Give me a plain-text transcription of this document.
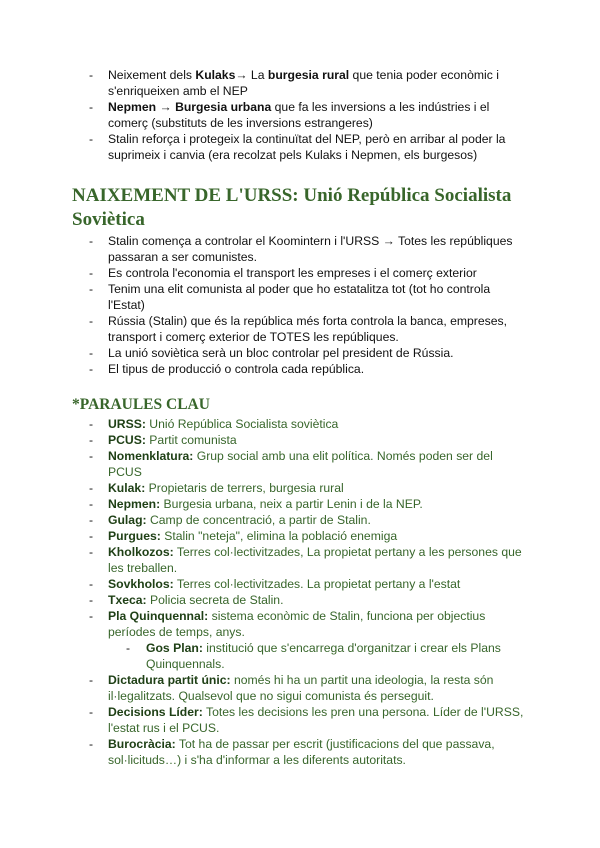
- Neixement dels Kulaks→ La burgesia rural que tenia poder econòmic i s'enriqueixen amb el NEP
- Nepmen → Burgesia urbana que fa les inversions a les indústries i el comerç (substituts de les inversions estrangeres)
- Stalin reforça i protegeix la continuïtat del NEP, però en arribar al poder la suprimeix i canvia (era recolzat pels Kulaks i Nepmen, els burgesos)
NAIXEMENT DE L'URSS: Unió República Socialista Soviètica
- Stalin comença a controlar el Koomintern i l'URSS → Totes les repúbliques passaran a ser comunistes.
- Es controla l'economia el transport les empreses i el comerç exterior
- Tenim una elit comunista al poder que ho estatalitza tot (tot ho controla l'Estat)
- Rússia (Stalin) que és la república més forta controla la banca, empreses, transport i comerç exterior de TOTES les repúbliques.
- La unió soviètica serà un bloc controlar pel president de Rússia.
- El tipus de producció o controla cada república.
*PARAULES CLAU
- URSS: Unió República Socialista soviètica
- PCUS: Partit comunista
- Nomenklatura: Grup social amb una elit política. Només poden ser del PCUS
- Kulak: Propietaris de terrers, burgesia rural
- Nepmen: Burgesia urbana, neix a partir Lenin i de la NEP.
- Gulag: Camp de concentració, a partir de Stalin.
- Purgues: Stalin "neteja", elimina la població enemiga
- Kholkozos: Terres col·lectivitzades, La propietat pertany a les persones que les treballen.
- Sovkholos: Terres col·lectivitzades. La propietat pertany a l'estat
- Txeca: Policia secreta de Stalin.
- Pla Quinquennal: sistema econòmic de Stalin, funciona per objectius períodes de temps, anys.
- Gos Plan: institució que s'encarrega d'organitzar i crear els Plans Quinquennals.
- Dictadura partit únic: només hi ha un partit una ideologia, la resta són il·legalitzats. Qualsevol que no sigui comunista és perseguit.
- Decisions Líder: Totes les decisions les pren una persona. Líder de l'URSS, l'estat rus i el PCUS.
- Burocràcia: Tot ha de passar per escrit (justificacions del que passava, sol·licituds…) i s'ha d'informar a les diferents autoritats.
